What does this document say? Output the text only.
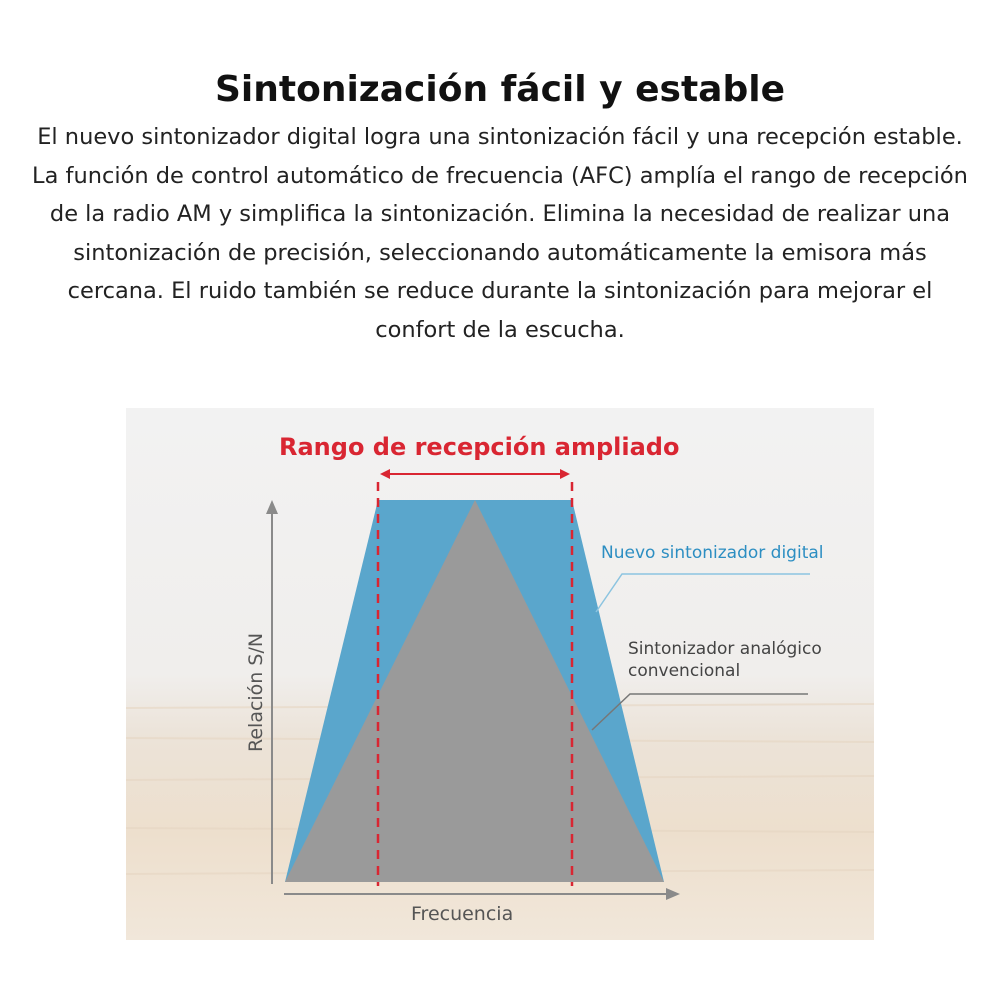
Sintonización fácil y estable
El nuevo sintonizador digital logra una sintonización fácil y una recepción estable. La función de control automático de frecuencia (AFC) amplía el rango de recepción de la radio AM y simplifica la sintonización. Elimina la necesidad de realizar una sintonización de precisión, seleccionando automáticamente la emisora más cercana. El ruido también se reduce durante la sintonización para mejorar el confort de la escucha.
Rango de recepción ampliado
Relación S/N
Frecuencia
Nuevo sintonizador digital
Sintonizador analógico
convencional
